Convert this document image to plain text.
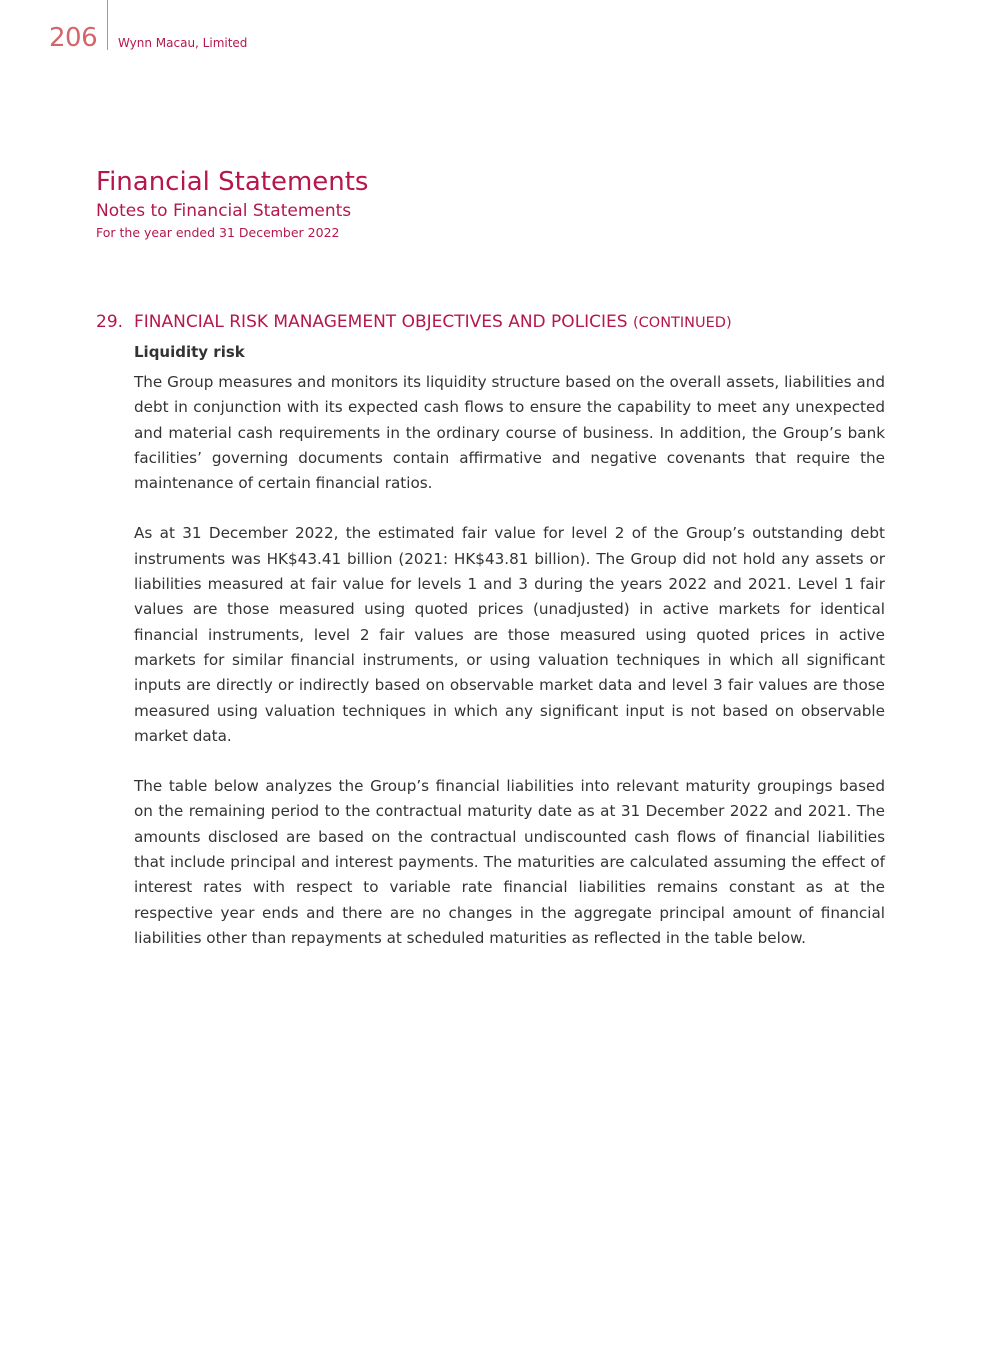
206 Wynn Macau, Limited
Financial Statements
Notes to Financial Statements
For the year ended 31 December 2022
29. FINANCIAL RISK MANAGEMENT OBJECTIVES AND POLICIES (CONTINUED)
Liquidity risk

The Group measures and monitors its liquidity structure based on the overall assets, liabilities and debt in conjunction with its expected cash flows to ensure the capability to meet any unexpected and material cash requirements in the ordinary course of business. In addition, the Group’s bank facilities’ governing documents contain affirmative and negative covenants that require the maintenance of certain financial ratios.

As at 31 December 2022, the estimated fair value for level 2 of the Group’s outstanding debt instruments was HK$43.41 billion (2021: HK$43.81 billion). The Group did not hold any assets or liabilities measured at fair value for levels 1 and 3 during the years 2022 and 2021. Level 1 fair values are those measured using quoted prices (unadjusted) in active markets for identical financial instruments, level 2 fair values are those measured using quoted prices in active markets for similar financial instruments, or using valuation techniques in which all significant inputs are directly or indirectly based on observable market data and level 3 fair values are those measured using valuation techniques in which any significant input is not based on observable market data.

The table below analyzes the Group’s financial liabilities into relevant maturity groupings based on the remaining period to the contractual maturity date as at 31 December 2022 and 2021. The amounts disclosed are based on the contractual undiscounted cash flows of financial liabilities that include principal and interest payments. The maturities are calculated assuming the effect of interest rates with respect to variable rate financial liabilities remains constant as at the respective year ends and there are no changes in the aggregate principal amount of financial liabilities other than repayments at scheduled maturities as reflected in the table below.
